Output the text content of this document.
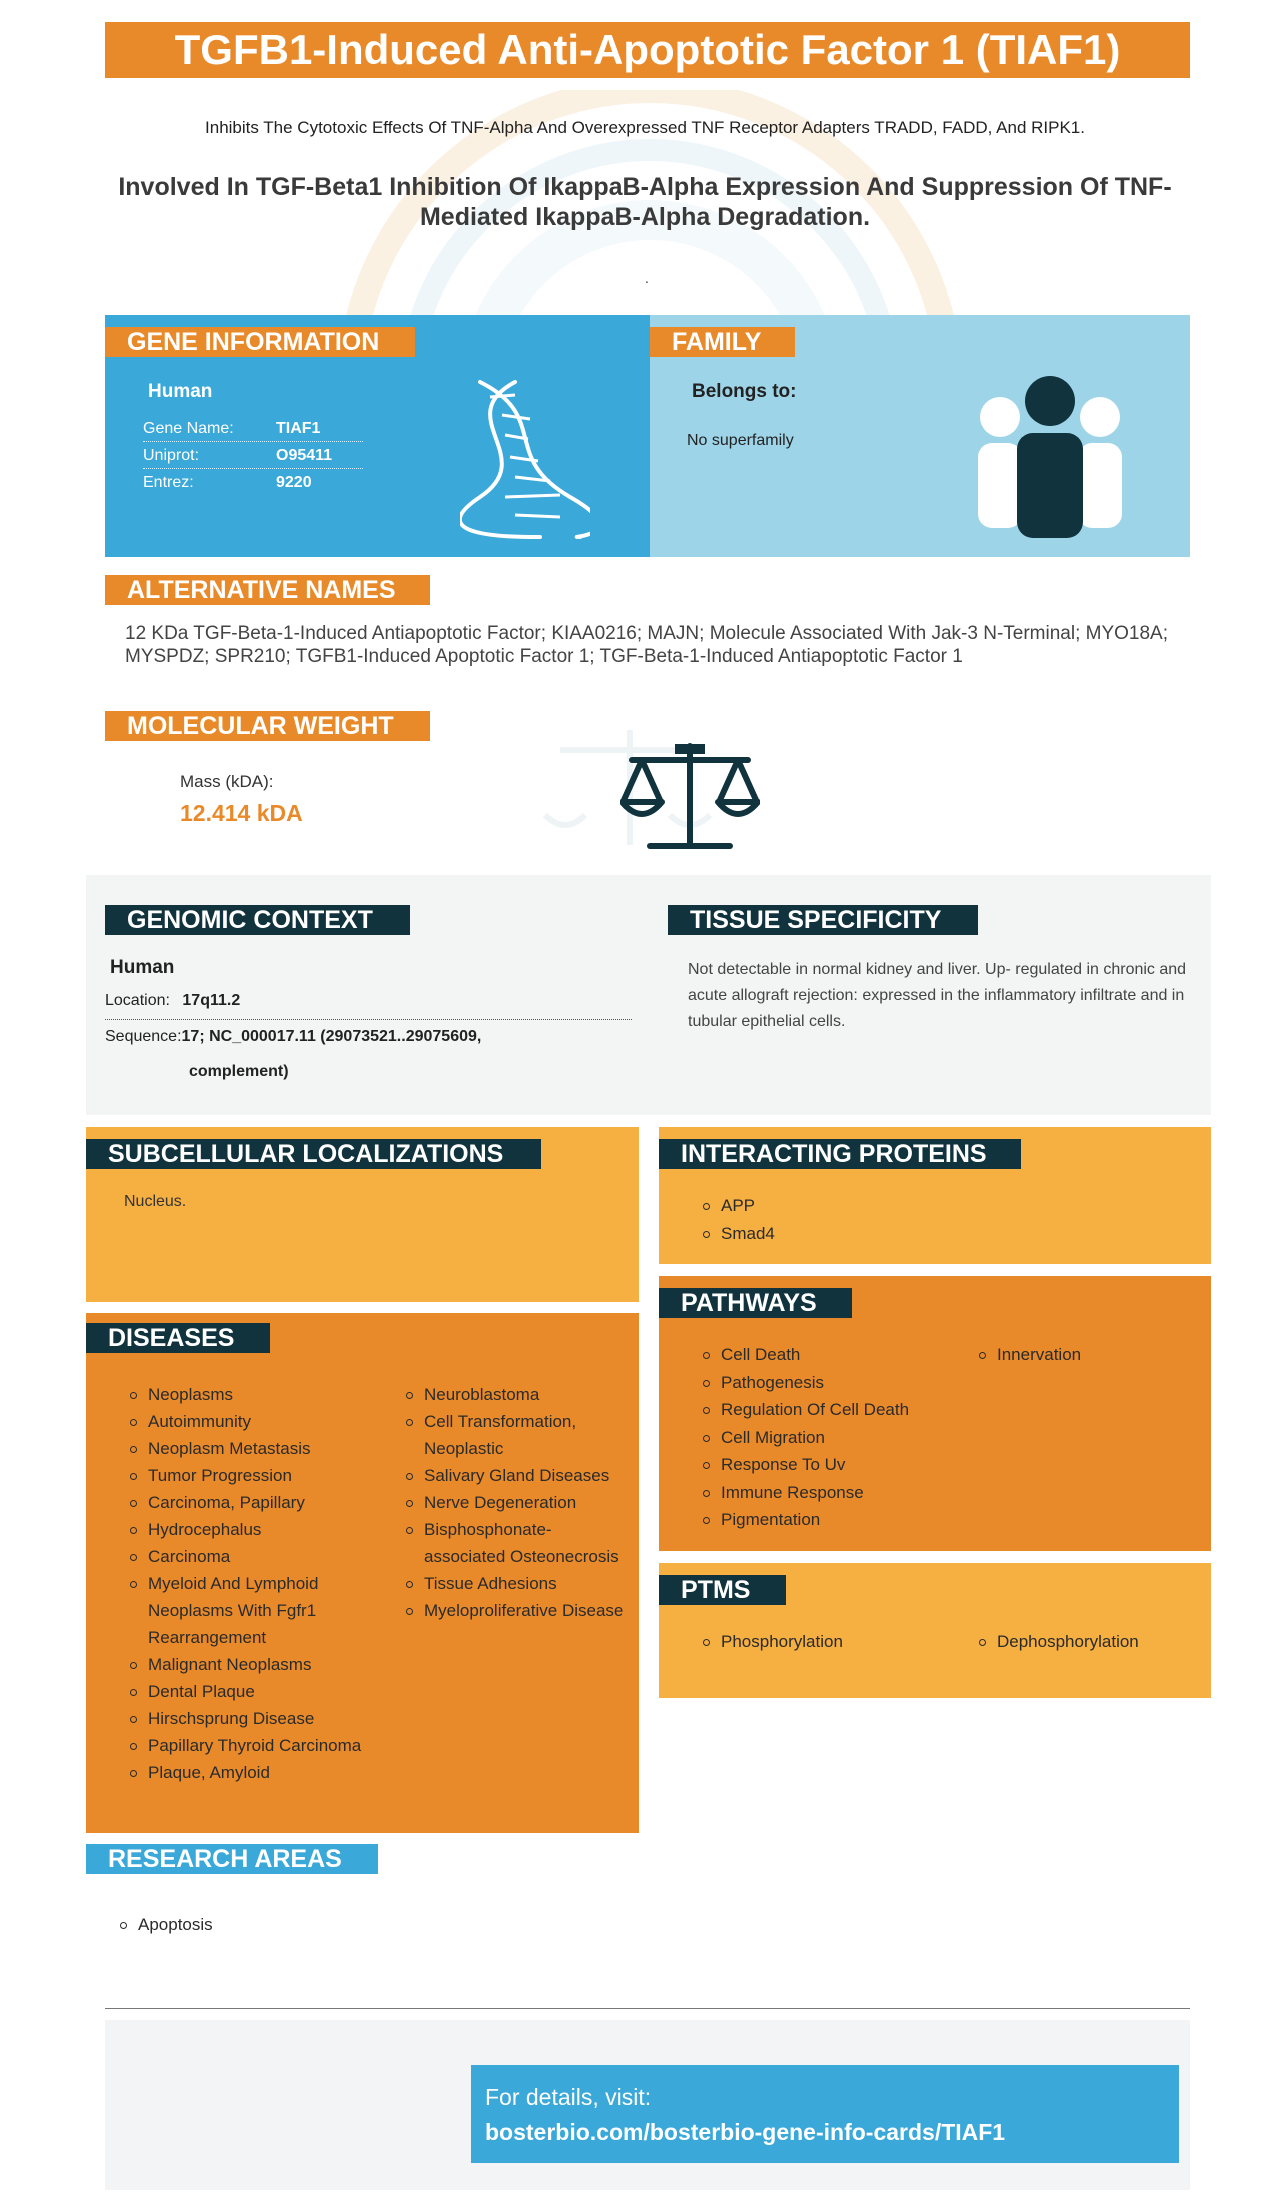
TGFB1-Induced Anti-Apoptotic Factor 1 (TIAF1)
Inhibits The Cytotoxic Effects Of TNF-Alpha And Overexpressed TNF Receptor Adapters TRADD, FADD, And RIPK1.
Involved In TGF-Beta1 Inhibition Of IkappaB-Alpha Expression And Suppression Of TNF-Mediated IkappaB-Alpha Degradation.
.
GENE INFORMATION
Human
Gene Name:	TIAF1
Uniprot:	O95411
Entrez:	9220
FAMILY
Belongs to:
No superfamily
ALTERNATIVE NAMES
12 KDa TGF-Beta-1-Induced Antiapoptotic Factor; KIAA0216; MAJN; Molecule Associated With Jak-3 N-Terminal; MYO18A; MYSPDZ; SPR210; TGFB1-Induced Apoptotic Factor 1; TGF-Beta-1-Induced Antiapoptotic Factor 1
MOLECULAR WEIGHT
Mass (kDA):
12.414 kDA
GENOMIC CONTEXT
Human
Location: 17q11.2
Sequence:17; NC_000017.11 (29073521..29075609,
complement)
TISSUE SPECIFICITY
Not detectable in normal kidney and liver. Up- regulated in chronic and acute allograft rejection: expressed in the inflammatory infiltrate and in tubular epithelial cells.
SUBCELLULAR LOCALIZATIONS
Nucleus.
INTERACTING PROTEINS
APP
Smad4
DISEASES
Neoplasms
Autoimmunity
Neoplasm Metastasis
Tumor Progression
Carcinoma, Papillary
Hydrocephalus
Carcinoma
Myeloid And Lymphoid Neoplasms With Fgfr1 Rearrangement
Malignant Neoplasms
Dental Plaque
Hirschsprung Disease
Papillary Thyroid Carcinoma
Plaque, Amyloid
Neuroblastoma
Cell Transformation, Neoplastic
Salivary Gland Diseases
Nerve Degeneration
Bisphosphonate-associated Osteonecrosis
Tissue Adhesions
Myeloproliferative Disease
PATHWAYS
Cell Death
Pathogenesis
Regulation Of Cell Death
Cell Migration
Response To Uv
Immune Response
Pigmentation
Innervation
PTMS
Phosphorylation	Dephosphorylation
RESEARCH AREAS
Apoptosis
For details, visit:
bosterbio.com/bosterbio-gene-info-cards/TIAF1
